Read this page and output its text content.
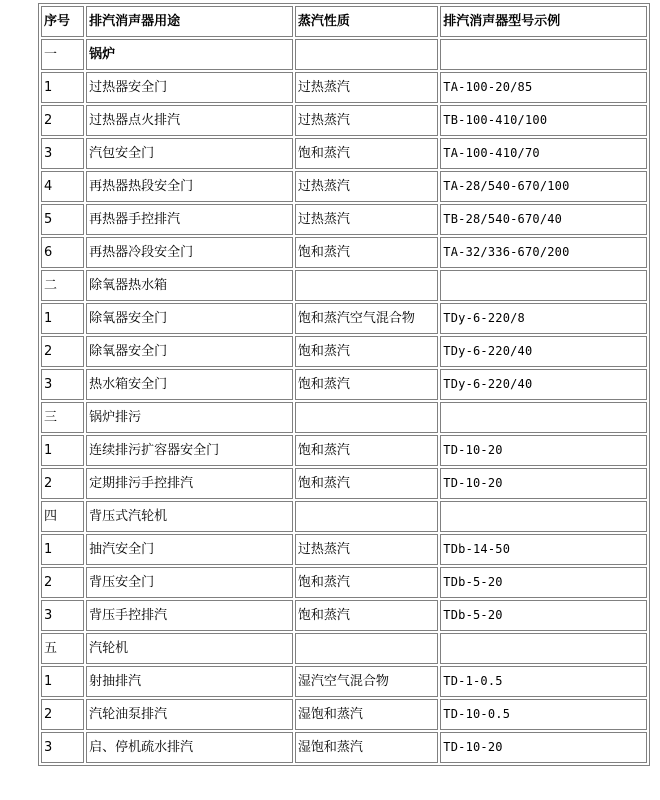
序号	排汽消声器用途	蒸汽性质	排汽消声器型号示例
一	锅炉		
1	过热器安全门	过热蒸汽	TA-100-20/85
2	过热器点火排汽	过热蒸汽	TB-100-410/100
3	汽包安全门	饱和蒸汽	TA-100-410/70
4	再热器热段安全门	过热蒸汽	TA-28/540-670/100
5	再热器手控排汽	过热蒸汽	TB-28/540-670/40
6	再热器冷段安全门	饱和蒸汽	TA-32/336-670/200
二	除氧器热水箱		
1	除氧器安全门	饱和蒸汽空气混合物	TDy-6-220/8
2	除氧器安全门	饱和蒸汽	TDy-6-220/40
3	热水箱安全门	饱和蒸汽	TDy-6-220/40
三	锅炉排污		
1	连续排污扩容器安全门	饱和蒸汽	TD-10-20
2	定期排污手控排汽	饱和蒸汽	TD-10-20
四	背压式汽轮机		
1	抽汽安全门	过热蒸汽	TDb-14-50
2	背压安全门	饱和蒸汽	TDb-5-20
3	背压手控排汽	饱和蒸汽	TDb-5-20
五	汽轮机		
1	射抽排汽	湿汽空气混合物	TD-1-0.5
2	汽轮油泵排汽	湿饱和蒸汽	TD-10-0.5
3	启、停机疏水排汽	湿饱和蒸汽	TD-10-20
